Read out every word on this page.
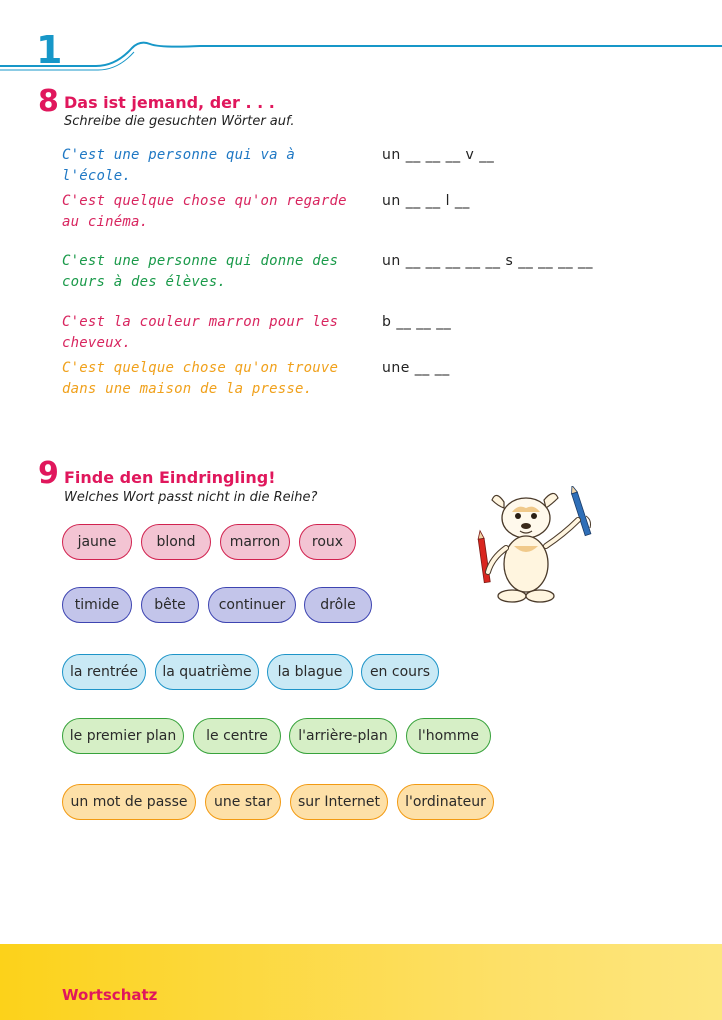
1
8 Das ist jemand, der . . .
Schreibe die gesuchten Wörter auf.
C'est une personne qui va à l'école.
un __ __ __ v __
C'est quelque chose qu'on regarde au cinéma.
un __ __ l __
C'est une personne qui donne des cours à des élèves.
un __ __ __ __ __ s __ __ __ __
C'est la couleur marron pour les cheveux.
b __ __ __
C'est quelque chose qu'on trouve dans une maison de la presse.
une __ __
9 Finde den Eindringling!
Welches Wort passt nicht in die Reihe?
jaune	blond	marron	roux
timide	bête	continuer	drôle
la rentrée	la quatrième	la blague	en cours
le premier plan	le centre	l'arrière-plan	l'homme
un mot de passe	une star	sur Internet	l'ordinateur
Wortschatz
